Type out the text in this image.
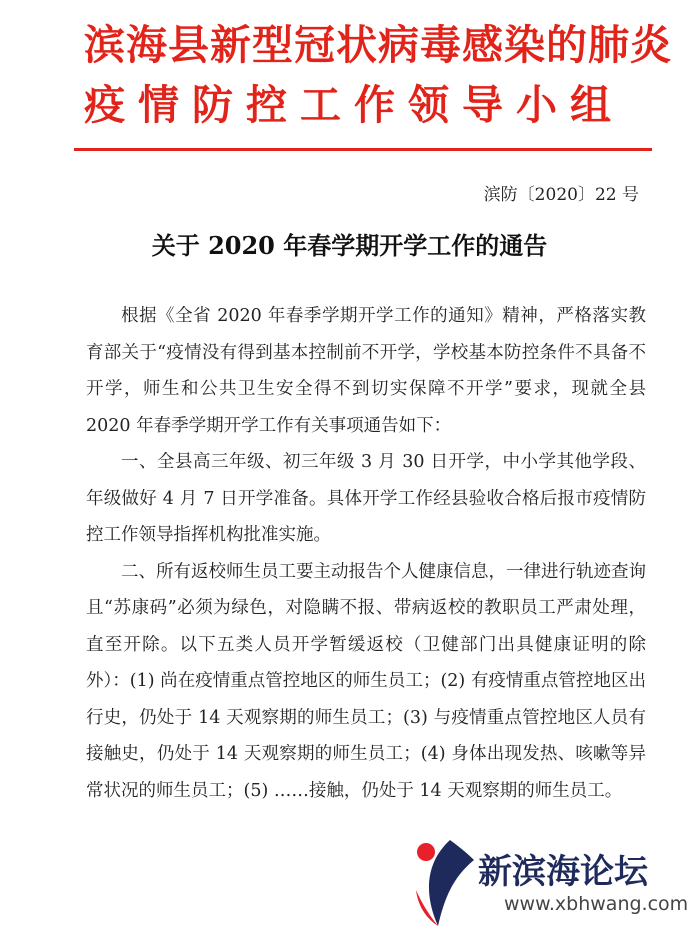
滨海县新型冠状病毒感染的肺炎
疫情防控工作领导小组
滨防〔2020〕22 号
关于 2020 年春学期开学工作的通告

根据《全省 2020 年春季学期开学工作的通知》精神，严格落实教育部关于“疫情没有得到基本控制前不开学，学校基本防控条件不具备不开学，师生和公共卫生安全得不到切实保障不开学”要求，现就全县 2020 年春季学期开学工作有关事项通告如下：

一、全县高三年级、初三年级 3 月 30 日开学，中小学其他学段、年级做好 4 月 7 日开学准备。具体开学工作经县验收合格后报市疫情防控工作领导指挥机构批准实施。

二、所有返校师生员工要主动报告个人健康信息，一律进行轨迹查询且“苏康码”必须为绿色，对隐瞒不报、带病返校的教职员工严肃处理，直至开除。以下五类人员开学暂缓返校（卫健部门出具健康证明的除外）：(1) 尚在疫情重点管控地区的师生员工；(2) 有疫情重点管控地区出行史，仍处于 14 天观察期的师生员工；(3) 与疫情重点管控地区人员有接触史，仍处于 14 天观察期的师生员工；(4) 身体出现发热、咳嗽等异常状况的师生员工；(5) ……接触，仍处于 14 天观察期的师生员工。

新滨海论坛
www.xbhwang.com
